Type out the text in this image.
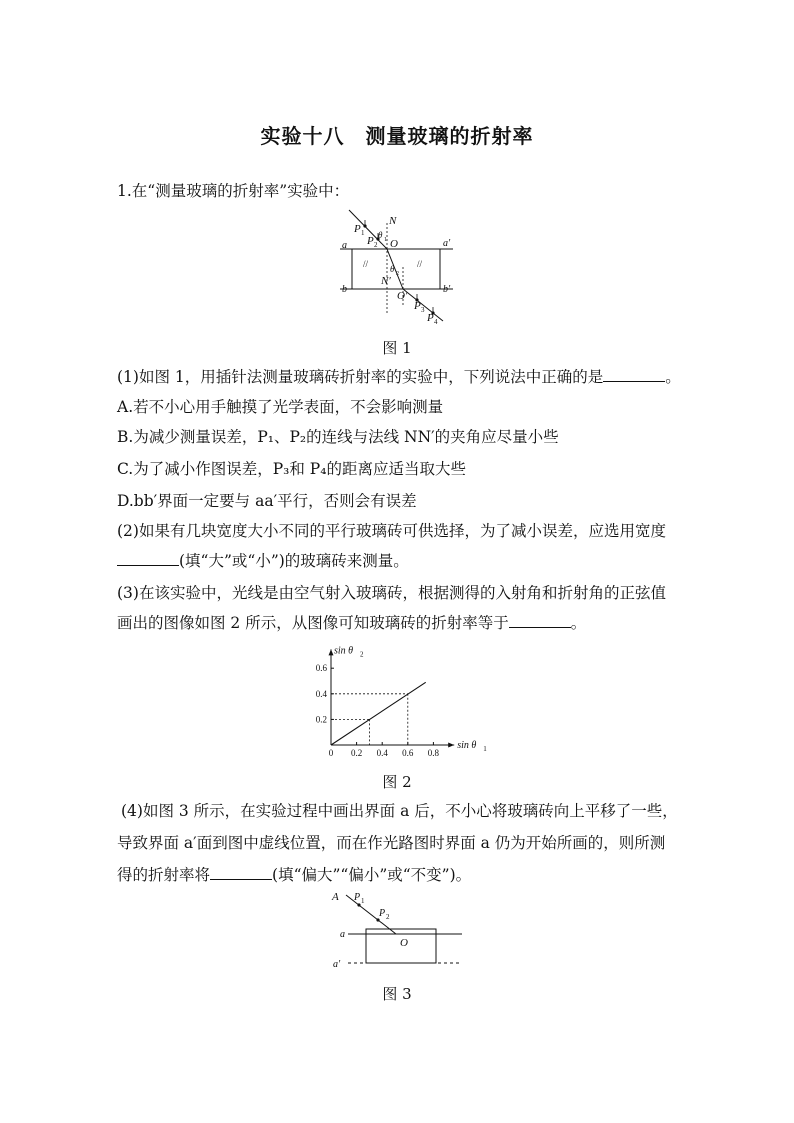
实验十八　测量玻璃的折射率
1.在“测量玻璃的折射率”实验中：
//	//
N
P 1
P 2
θ 1 O
a	a′
θ 2
N′
b	b′
O′
P 3
P 4
图 1
(1)如图 1，用插针法测量玻璃砖折射率的实验中，下列说法中正确的是	。
A.若不小心用手触摸了光学表面，不会影响测量
B.为减少测量误差，P₁、P₂的连线与法线 NN′的夹角应尽量小些
C.为了减小作图误差，P₃和 P₄的距离应适当取大些
D.bb′界面一定要与 aa′平行，否则会有误差
(2)如果有几块宽度大小不同的平行玻璃砖可供选择，为了减小误差，应选用宽度
(填“大”或“小”)的玻璃砖来测量。
(3)在该实验中，光线是由空气射入玻璃砖，根据测得的入射角和折射角的正弦值
画出的图像如图 2 所示，从图像可知玻璃砖的折射率等于	。
0 0.2 0.4 0.6 0.8
0.2
0.4
0.6
sin θ 2
sin θ 1
图 2
(4)如图 3 所示，在实验过程中画出界面 a 后，不小心将玻璃砖向上平移了一些，
导致界面 a′面到图中虚线位置，而在作光路图时界面 a 仍为开始所画的，则所测
得的折射率将	(填“偏大”“偏小”或“不变”)。
A P 1
P 2
O
a
a′
图 3
